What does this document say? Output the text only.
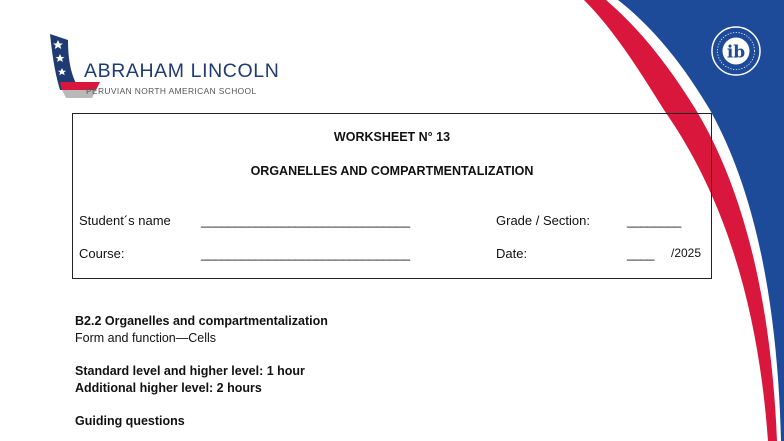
ABRAHAM LINCOLN
PERUVIAN NORTH AMERICAN SCHOOL
ib
WORKSHEET N° 13
ORGANELLES AND COMPARTMENTALIZATION
Student´s name _______________________________	Grade / Section:	________
Course:	_______________________________	Date:	____ /2025
B2.2 Organelles and compartmentalization
Form and function—Cells
Standard level and higher level: 1 hour
Additional higher level: 2 hours
Guiding questions
